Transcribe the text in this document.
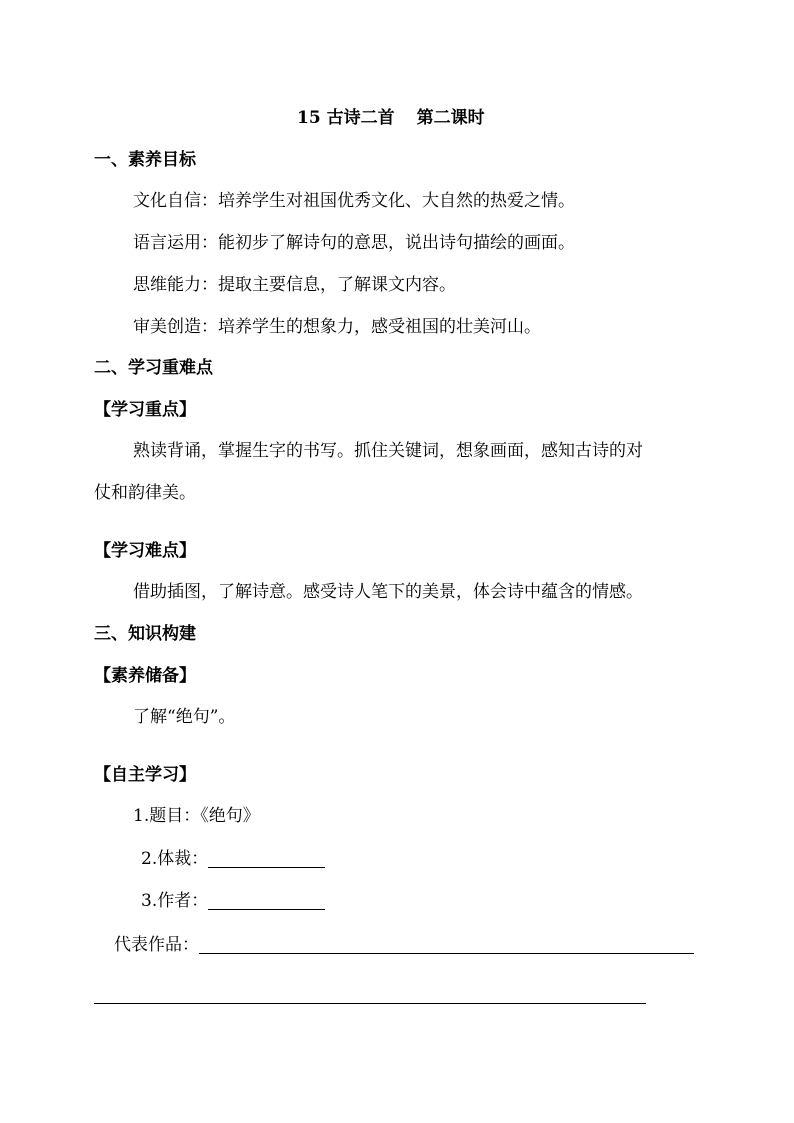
15 古诗二首 第二课时
一、素养目标
文化自信：培养学生对祖国优秀文化、大自然的热爱之情。
语言运用：能初步了解诗句的意思，说出诗句描绘的画面。
思维能力：提取主要信息，了解课文内容。
审美创造：培养学生的想象力，感受祖国的壮美河山。
二、学习重难点
【学习重点】
熟读背诵，掌握生字的书写。抓住关键词，想象画面，感知古诗的对
仗和韵律美。
【学习难点】
借助插图，了解诗意。感受诗人笔下的美景，体会诗中蕴含的情感。
三、知识构建
【素养储备】
了解“绝句”。
【自主学习】
1.题目：《绝句》
2.体裁：
3.作者：
代表作品：
